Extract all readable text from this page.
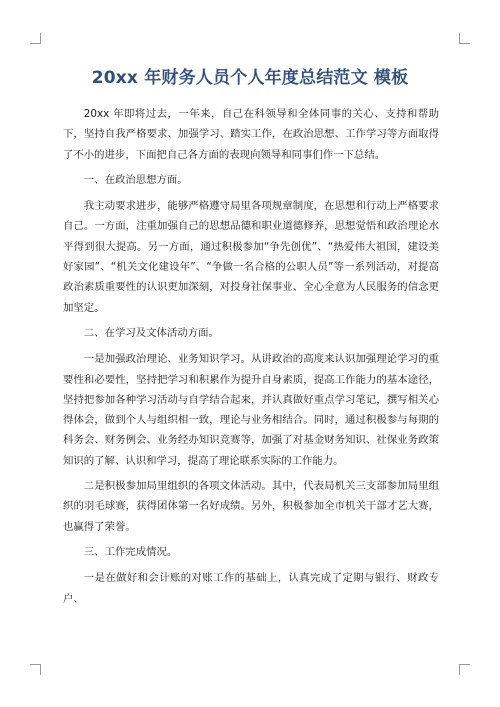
20xx 年财务人员个人年度总结范文 模板

20xx 年即将过去，一年来，自己在科领导和全体同事的关心、支持和帮助下，坚持自我严格要求、加强学习、踏实工作，在政治思想、工作学习等方面取得了不小的进步，下面把自己各方面的表现向领导和同事们作一下总结。

一、在政治思想方面。

我主动要求进步，能够严格遵守局里各项规章制度，在思想和行动上严格要求自己。一方面，注重加强自己的思想品德和职业道德修养，思想觉悟和政治理论水平得到很大提高。另一方面，通过积极参加“争先创优”、“热爱伟大祖国，建设美好家园”、“机关文化建设年”、“争做一名合格的公职人员”等一系列活动，对提高政治素质重要性的认识更加深刻，对投身社保事业、全心全意为人民服务的信念更加坚定。

二、在学习及文体活动方面。

一是加强政治理论、业务知识学习。从讲政治的高度来认识加强理论学习的重要性和必要性，坚持把学习和积累作为提升自身素质，提高工作能力的基本途径，坚持把参加各种学习活动与自学结合起来，并认真做好重点学习笔记，撰写相关心得体会，做到个人与组织相一致，理论与业务相结合。同时，通过积极参与每期的科务会、财务例会、业务经办知识竞赛等，加强了对基金财务知识、社保业务政策知识的了解、认识和学习，提高了理论联系实际的工作能力。

二是积极参加局里组织的各项文体活动。其中，代表局机关三支部参加局里组织的羽毛球赛，获得团体第一名好成绩。另外，积极参加全市机关干部才艺大赛，也赢得了荣誉。

三、工作完成情况。

一是在做好和会计账的对账工作的基础上，认真完成了定期与银行、财政专户、
